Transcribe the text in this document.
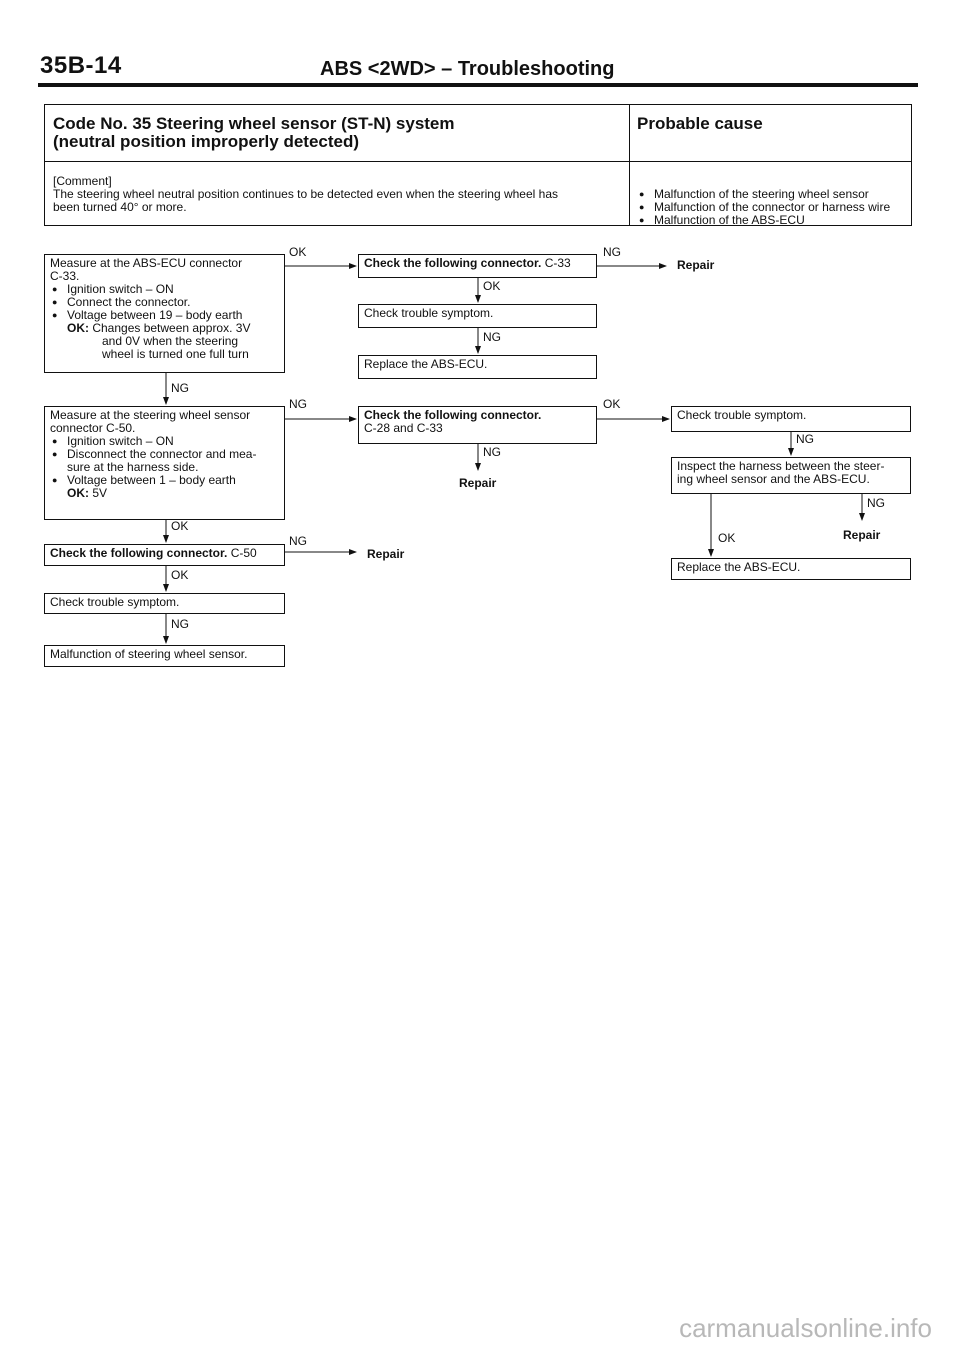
35B-14	ABS <2WD> – Troubleshooting
Code No. 35 Steering wheel sensor (ST-N) system
(neutral position improperly detected)
Probable cause
[Comment]
The steering wheel neutral position continues to be detected even when the steering wheel has
been turned 40° or more.
● Malfunction of the steering wheel sensor
● Malfunction of the connector or harness wire
● Malfunction of the ABS-ECU
Measure at the ABS-ECU connector
C-33.
● Ignition switch – ON
● Connect the connector.
● Voltage between 19 – body earth
OK: Changes between approx. 3V
and 0V when the steering
wheel is turned one full turn
Check the following connector. C-33
Check trouble symptom.
Replace the ABS-ECU.
Measure at the steering wheel sensor
connector C-50.
● Ignition switch – ON
● Disconnect the connector and mea-
sure at the harness side.
● Voltage between 1 – body earth
OK: 5V
Check the following connector.
C-28 and C-33
Check trouble symptom.
Inspect the harness between the steer-
ing wheel sensor and the ABS-ECU.
Check the following connector. C-50
Check trouble symptom.
Malfunction of steering wheel sensor.
Replace the ABS-ECU.
OK	NG
Repair
OK
NG
NG
NG	OK
NG
NG
Repair
NG
OK
Repair
OK
NG
Repair
OK
NG
carmanualsonline.info
